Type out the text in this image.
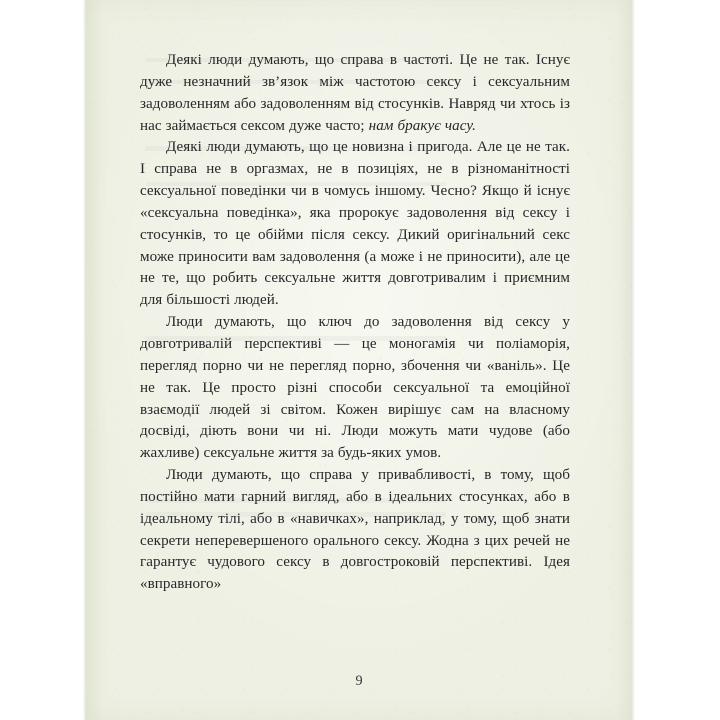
Деякі люди думають, що справа в частоті. Це не так. Існує дуже незначний зв’язок між частотою сексу і сексуальним задоволенням або задоволенням від стосунків. Навряд чи хтось із нас займається сексом дуже часто; нам бракує часу.

Деякі люди думають, що це новизна і пригода. Але це не так. І справа не в оргазмах, не в позиціях, не в різноманітності сексуальної поведінки чи в чомусь іншому. Чесно? Якщо й існує «сексуальна поведінка», яка пророкує задоволення від сексу і стосунків, то це обійми після сексу. Дикий оригінальний секс може приносити вам задоволення (а може і не приносити), але це не те, що робить сексуальне життя довготривалим і приємним для більшості людей.

Люди думають, що ключ до задоволення від сексу у довготривалій перспективі — це моногамія чи поліаморія, перегляд порно чи не перегляд порно, збочення чи «ваніль». Це не так. Це просто різні способи сексуальної та емоційної взаємодії людей зі світом. Кожен вирішує сам на власному досвіді, діють вони чи ні. Люди можуть мати чудове (або жахливе) сексуальне життя за будь-яких умов.

Люди думають, що справа у привабливості, в тому, щоб постійно мати гарний вигляд, або в ідеальних стосунках, або в ідеальному тілі, або в «навичках», наприклад, у тому, щоб знати секрети неперевершеного орального сексу. Жодна з цих речей не гарантує чудового сексу в довгостроковій перспективі. Ідея «вправного»

9
